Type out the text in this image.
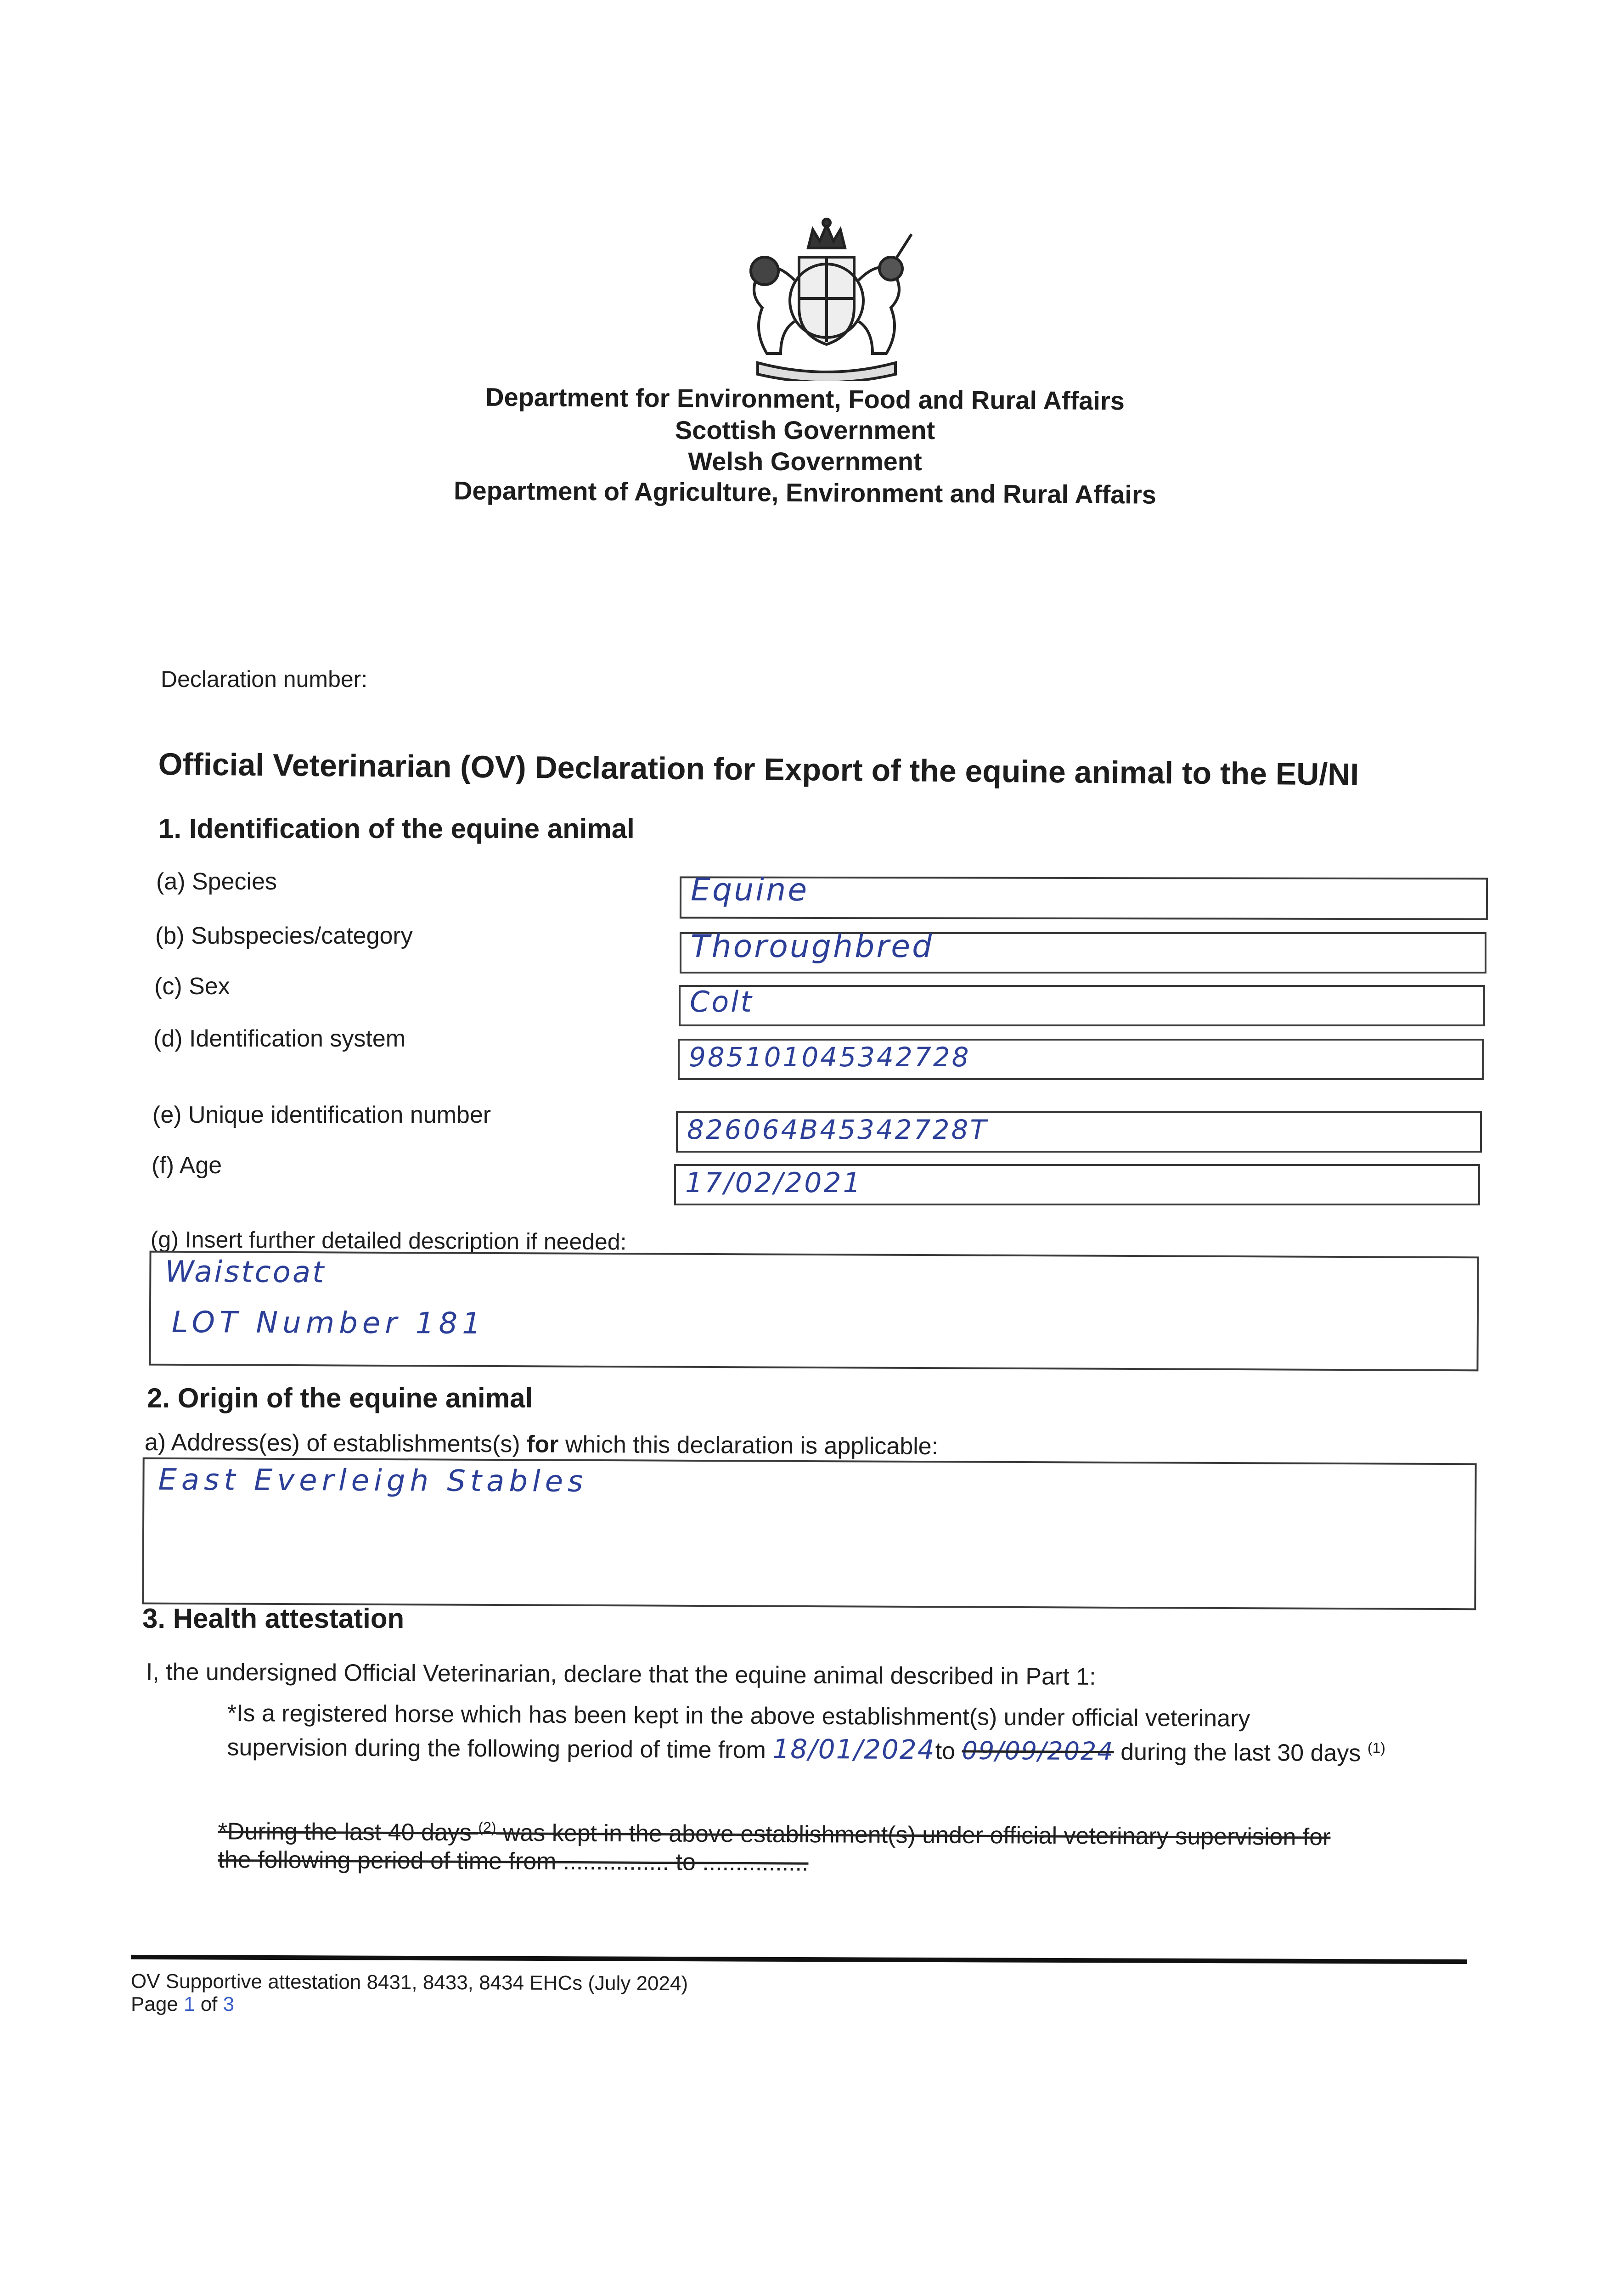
Department for Environment, Food and Rural Affairs
Scottish Government
Welsh Government
Department of Agriculture, Environment and Rural Affairs
Declaration number:
Official Veterinarian (OV) Declaration for Export of the equine animal to the EU/NI
1. Identification of the equine animal
(a) Species
(b) Subspecies/category
(c) Sex
(d) Identification system
(e) Unique identification number
(f) Age
Equine
Thoroughbred
Colt
985101045342728
826064B45342728T
17/02/2021
(g) Insert further detailed description if needed:
Waistcoat
LOT Number 181
2. Origin of the equine animal
a) Address(es) of establishments(s) for which this declaration is applicable:
East Everleigh Stables
3. Health attestation
I, the undersigned Official Veterinarian, declare that the equine animal described in Part 1:
*Is a registered horse which has been kept in the above establishment(s) under official veterinary
supervision during the following period of time from 18/01/2024to 09/09/2024 during the last 30 days $^{(1)}$
*During the last 40 days $^{(2)}$ was kept in the above establishment(s) under official veterinary supervision for
the following period of time from ................ to ................
OV Supportive attestation 8431, 8433, 8434 EHCs (July 2024)
Page 1 of 3
